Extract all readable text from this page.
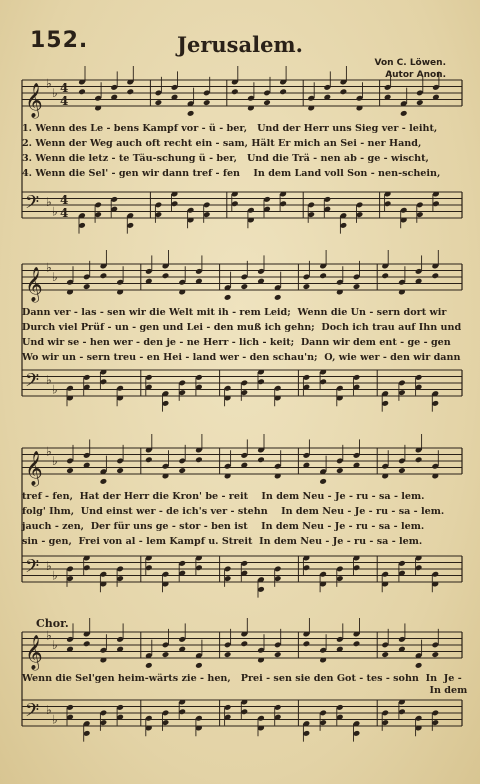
152.	Jerusalem.
Von C. Löwen.
Autor Anon.
𝄞 ♭
♭ 4
4
𝄢 ♭
♭
4
4
𝄞 ♭
♭
𝄢 ♭
♭
𝄞 ♭
♭
𝄢 ♭
♭
𝄞 ♭
♭
𝄢 ♭
♭
1. Wenn des Le - bens Kampf vor - ü - ber,   Und der Herr uns Sieg ver - leiht,
2. Wenn der Weg auch oft recht ein - sam, Hält Er mich an Sei - ner Hand,
3. Wenn die letz - te Täu-schung ü - ber,   Und die Trä - nen ab - ge - wischt,
4. Wenn die Sel' - gen wir dann tref - fen    In dem Land voll Son - nen-schein,
Dann ver - las - sen wir die Welt mit ih - rem Leid;  Wenn die Un - sern dort wir
Durch viel Prüf - un - gen und Lei - den muß ich gehn;  Doch ich trau auf Ihn und
Und wir se - hen wer - den je - ne Herr - lich - keit;  Dann wir dem ent - ge - gen
Wo wir un - sern treu - en Hei - land wer - den schau'n;  O, wie wer - den wir dann
tref - fen,  Hat der Herr die Kron' be - reit    In dem Neu - Je - ru - sa - lem.
folg' Ihm,  Und einst wer - de ich's ver - stehn    In dem Neu - Je - ru - sa - lem.
jauch - zen,  Der für uns ge - stor - ben ist    In dem Neu - Je - ru - sa - lem.
sin - gen,  Frei von al - lem Kampf u. Streit  In dem Neu - Je - ru - sa - lem.
Chor.
Wenn die Sel'gen heim-wärts zie - hen,   Prei - sen sie den Got - tes - sohn  In  Je -
In dem
